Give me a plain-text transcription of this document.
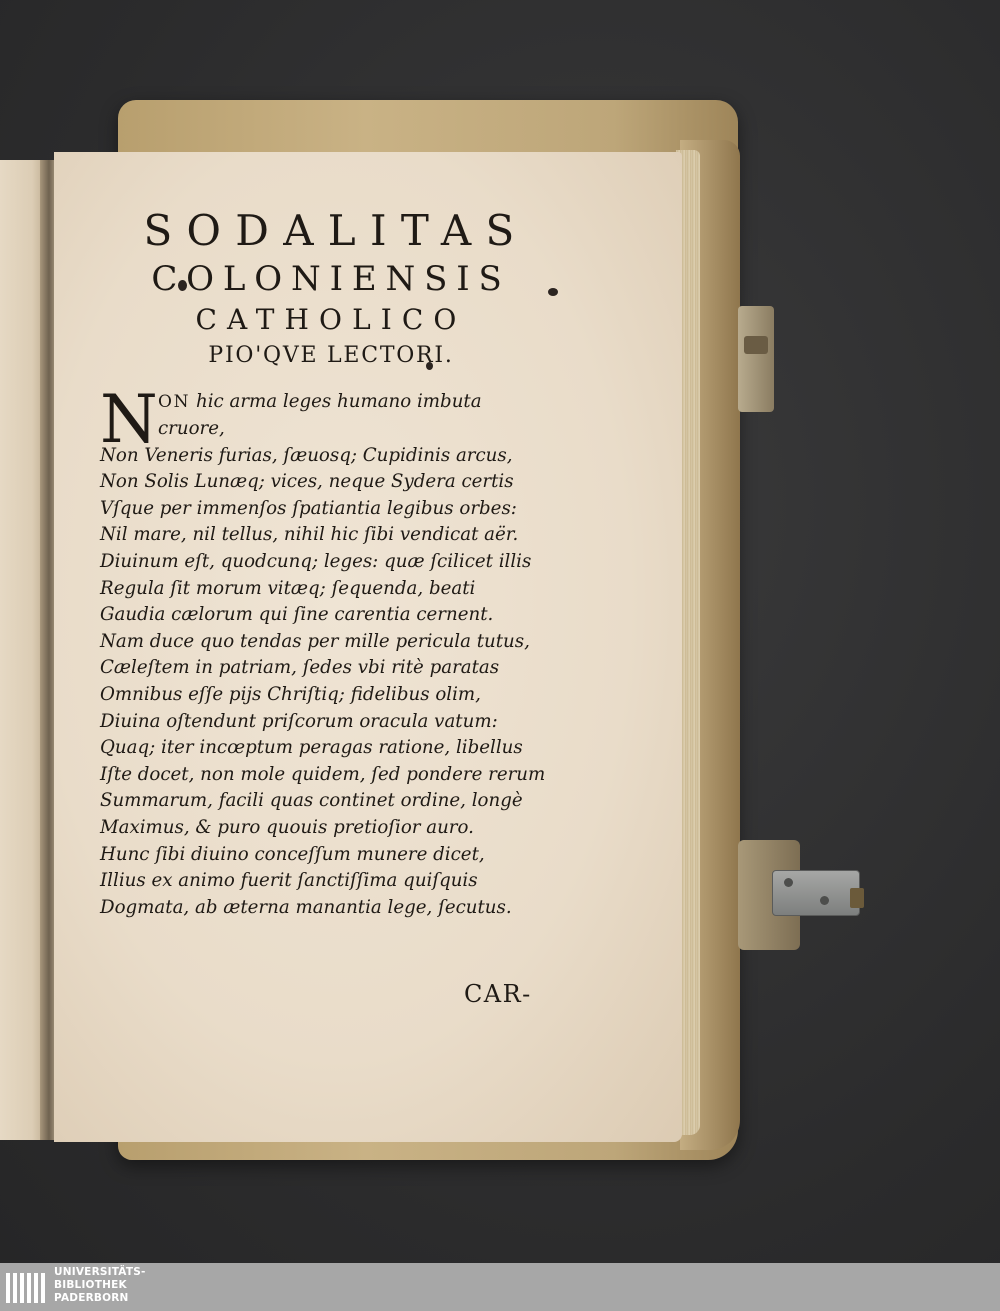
SODALITAS
COLONIENSIS
CATHOLICO
PIO'QVE LECTORI.
N ON hic arma leges humano imbuta
cruore,
Non Veneris furias, ſæuosq; Cupidinis arcus,
Non Solis Lunæq; vices, neque Sydera certis
Vſque per immenſos ſpatiantia legibus orbes:
Nil mare, nil tellus, nihil hic ſibi vendicat aër.
Diuinum eſt, quodcunq; leges: quæ ſcilicet illis
Regula ſit morum vitæq; ſequenda, beati
Gaudia cælorum qui ſine carentia cernent.
Nam duce quo tendas per mille pericula tutus,
Cæleſtem in patriam, ſedes vbi ritè paratas
Omnibus eſſe pijs Chriſtiq; fidelibus olim,
Diuina oſtendunt priſcorum oracula vatum:
Quaq; iter incœptum peragas ratione, libellus
Iſte docet, non mole quidem, ſed pondere rerum
Summarum, facili quas continet ordine, longè
Maximus, & puro quouis pretioſior auro.
Hunc ſibi diuino conceſſum munere dicet,
Illius ex animo fuerit ſanctiſſima quiſquis
Dogmata, ab æterna manantia lege, ſecutus.
CAR-
UNIVERSITÄTS-
BIBLIOTHEK
PADERBORN
